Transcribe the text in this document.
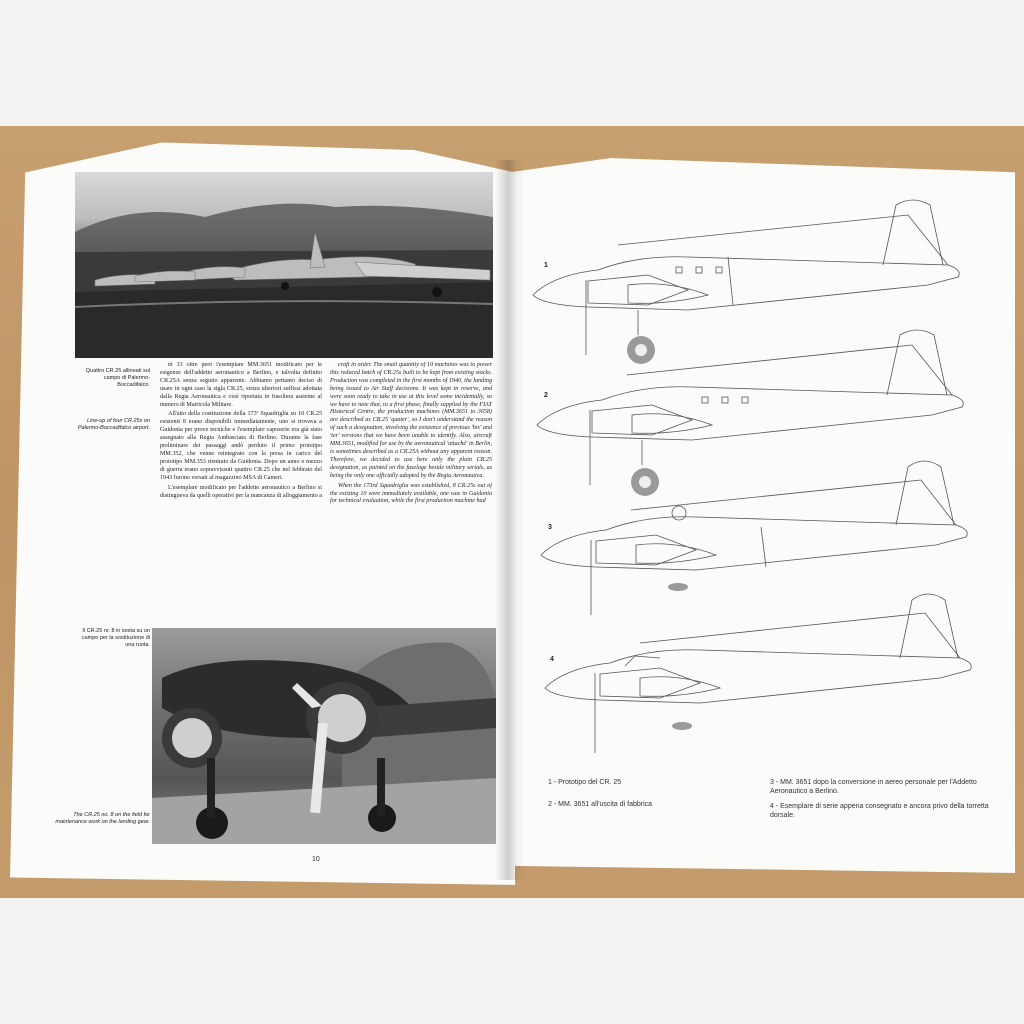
Quattro CR.25 allineati sul campo di Palermo-Boccadifalco.
Line-up of four CR.25s on Palermo-Boccadifalco airport.

ni 33 oltre però l'esemplare MM.3651 modificato per le esigenze dell'addetto aeronautico a Berlino, e talvolta definito CR.25A senza seguito apparente. Abbiamo pertanto deciso di usare in ogni caso la sigla CR.25, senza ulteriori suffissi adottata dalla Regia Aeronautica e cioè riportata in fusoliera assieme al numero di Matricola Militare.

All'atto della costituzione della 173ª Squadriglia su 10 CR.25 esistenti 8 erano disponibili immediatamente, uno si trovava a Guidonia per prove tecniche e l'esemplare caposerie era già stato assegnato alla Regia Ambasciata di Berlino. Durante la fase preliminare dei passaggi andò perduto il primo prototipo MM.352, che venne reintegrato con la presa in carico del prototipo MM.353 rientrato da Guidonia. Dopo un anno e mezzo di guerra erano sopravvissuti quattro CR.25 che nel febbraio del 1943 furono versati al magazzino MSA di Cameri.

L'esemplare modificato per l'addetto aeronautico a Berlino si distingueva da quelli operativi per la mancanza di alloggiamento a

craft in order. The small quantity of 10 machines was to power this reduced batch of CR.25s built to be kept from existing stocks. Production was completed in the first months of 1940, the landing being issued to Air Staff decisions. It was kept in reserve, and were soon ready to take in use at this level some incidentally, so we have to note that, to a first phase, finally supplied by the FIAT Historical Centre, the production machines (MM.3651 to 3658) are described as CR.25 'quater', so I don't understand the reason of such a designation, involving the existence of previous 'bis' and 'ter' versions that we have been unable to identify. Also, aircraft MM.3651, modified for use by the aeronautical 'attaché' in Berlin, is sometimes described as a CR.25A without any apparent reason. Therefore, we decided to use here only the plain CR.25 designation, as painted on the fuselage beside military serials, as being the only one officially adopted by the Regia Aeronautica.

When the 173rd Squadriglia was established, 8 CR.25s out of the existing 10 were immediately available, one was in Guidonia for technical evaluation, while the first production machine had

Il CR.25 nr. 8 in sosta su un campo per la sostituzione di una ruota.
The CR.25 no. 8 on the field for maintenance work on the landing gear.
10
1
2
3
4
1 - Prototipo del CR. 25
2 - MM. 3651 all'uscita di fabbrica
3 - MM. 3651 dopo la conversione in aereo personale per l'Addetto Aeronautico a Berlino.
4 - Esemplare di serie appena consegnato e ancora privo della torretta dorsale.
